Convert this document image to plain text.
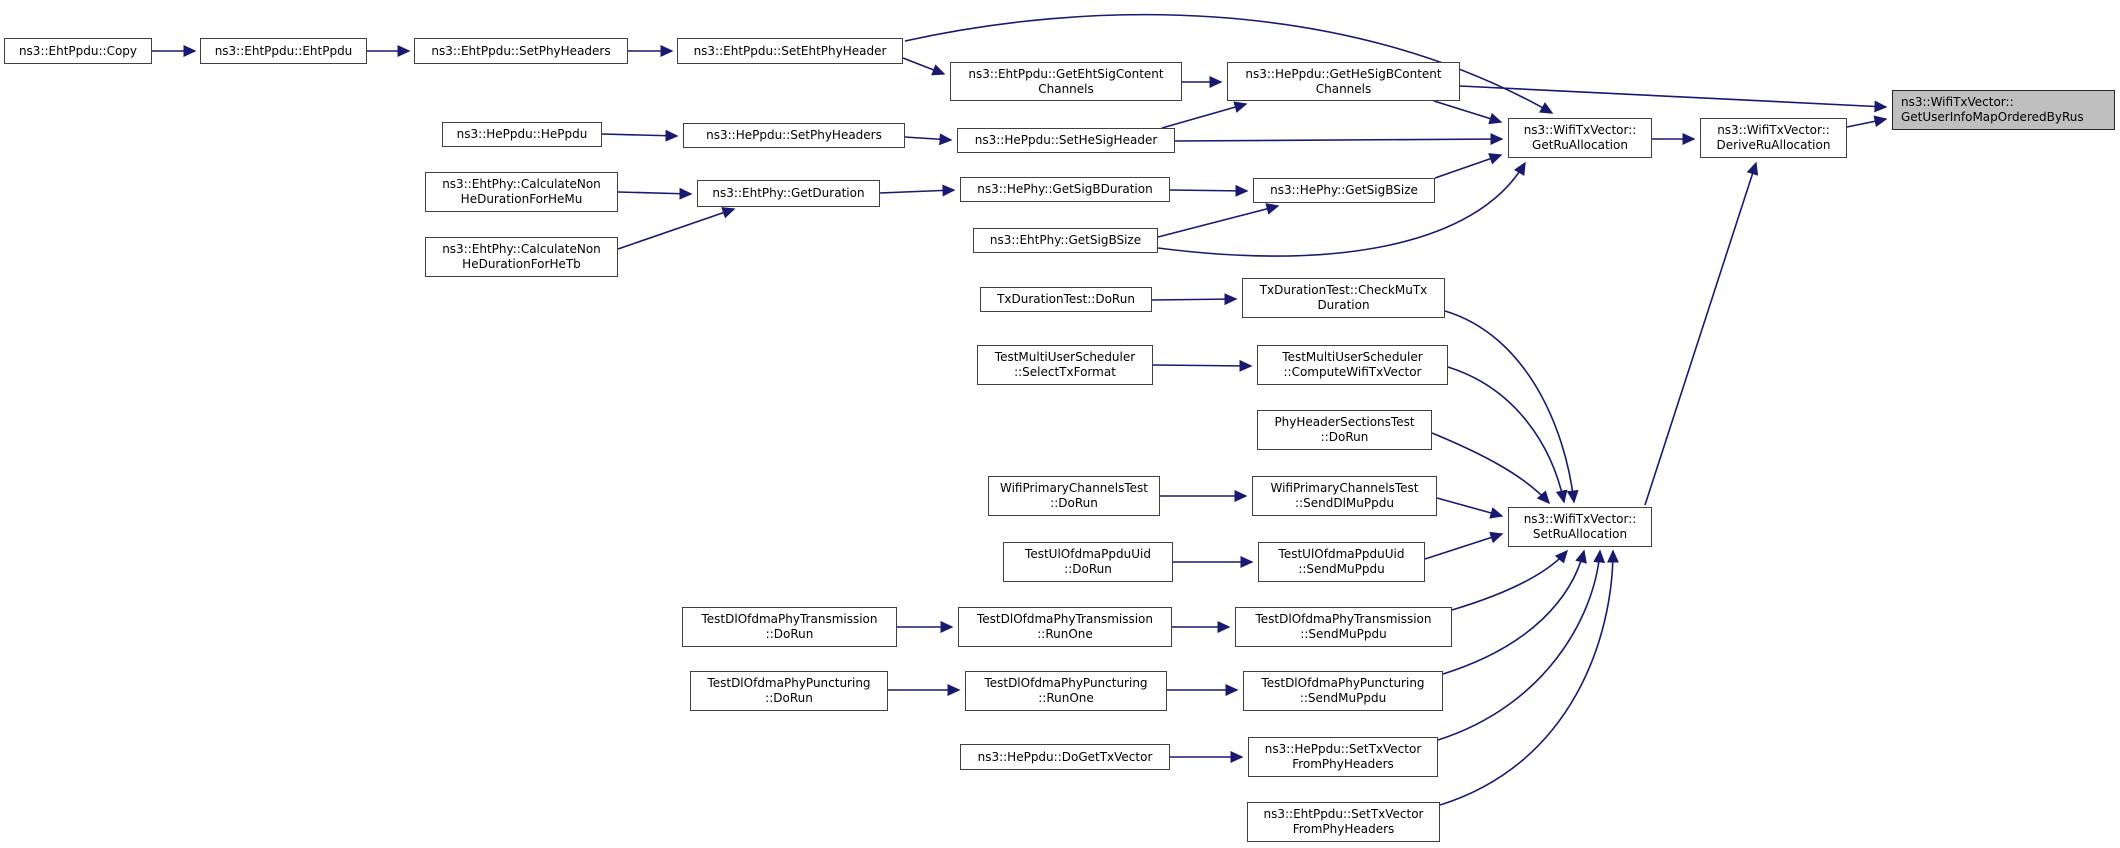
ns3::EhtPpdu::Copy	ns3::EhtPpdu::EhtPpdu	ns3::EhtPpdu::SetPhyHeaders	ns3::EhtPpdu::SetEhtPhyHeader
ns3::EhtPpdu::GetEhtSigContent
Channels
ns3::HePpdu::GetHeSigBContent
Channels
ns3::HePpdu::HePpdu	ns3::HePpdu::SetPhyHeaders	ns3::HePpdu::SetHeSigHeader
ns3::WifiTxVector::
GetRuAllocation
ns3::WifiTxVector::
DeriveRuAllocation
ns3::WifiTxVector::
GetUserInfoMapOrderedByRus
ns3::EhtPhy::CalculateNon
HeDurationForHeMu
ns3::EhtPhy::CalculateNon
HeDurationForHeTb
ns3::EhtPhy::GetDuration	ns3::HePhy::GetSigBDuration	ns3::HePhy::GetSigBSize
ns3::EhtPhy::GetSigBSize
TxDurationTest::DoRun
TxDurationTest::CheckMuTx
Duration
TestMultiUserScheduler
::SelectTxFormat
TestMultiUserScheduler
::ComputeWifiTxVector
PhyHeaderSectionsTest
::DoRun
WifiPrimaryChannelsTest
::DoRun
WifiPrimaryChannelsTest
::SendDlMuPpdu
TestUlOfdmaPpduUid
::DoRun
TestUlOfdmaPpduUid
::SendMuPpdu
TestDlOfdmaPhyTransmission
::DoRun
TestDlOfdmaPhyTransmission
::RunOne
TestDlOfdmaPhyTransmission
::SendMuPpdu
TestDlOfdmaPhyPuncturing
::DoRun
TestDlOfdmaPhyPuncturing
::RunOne
TestDlOfdmaPhyPuncturing
::SendMuPpdu
ns3::HePpdu::DoGetTxVector
ns3::HePpdu::SetTxVector
FromPhyHeaders
ns3::EhtPpdu::SetTxVector
FromPhyHeaders
ns3::WifiTxVector::
SetRuAllocation
